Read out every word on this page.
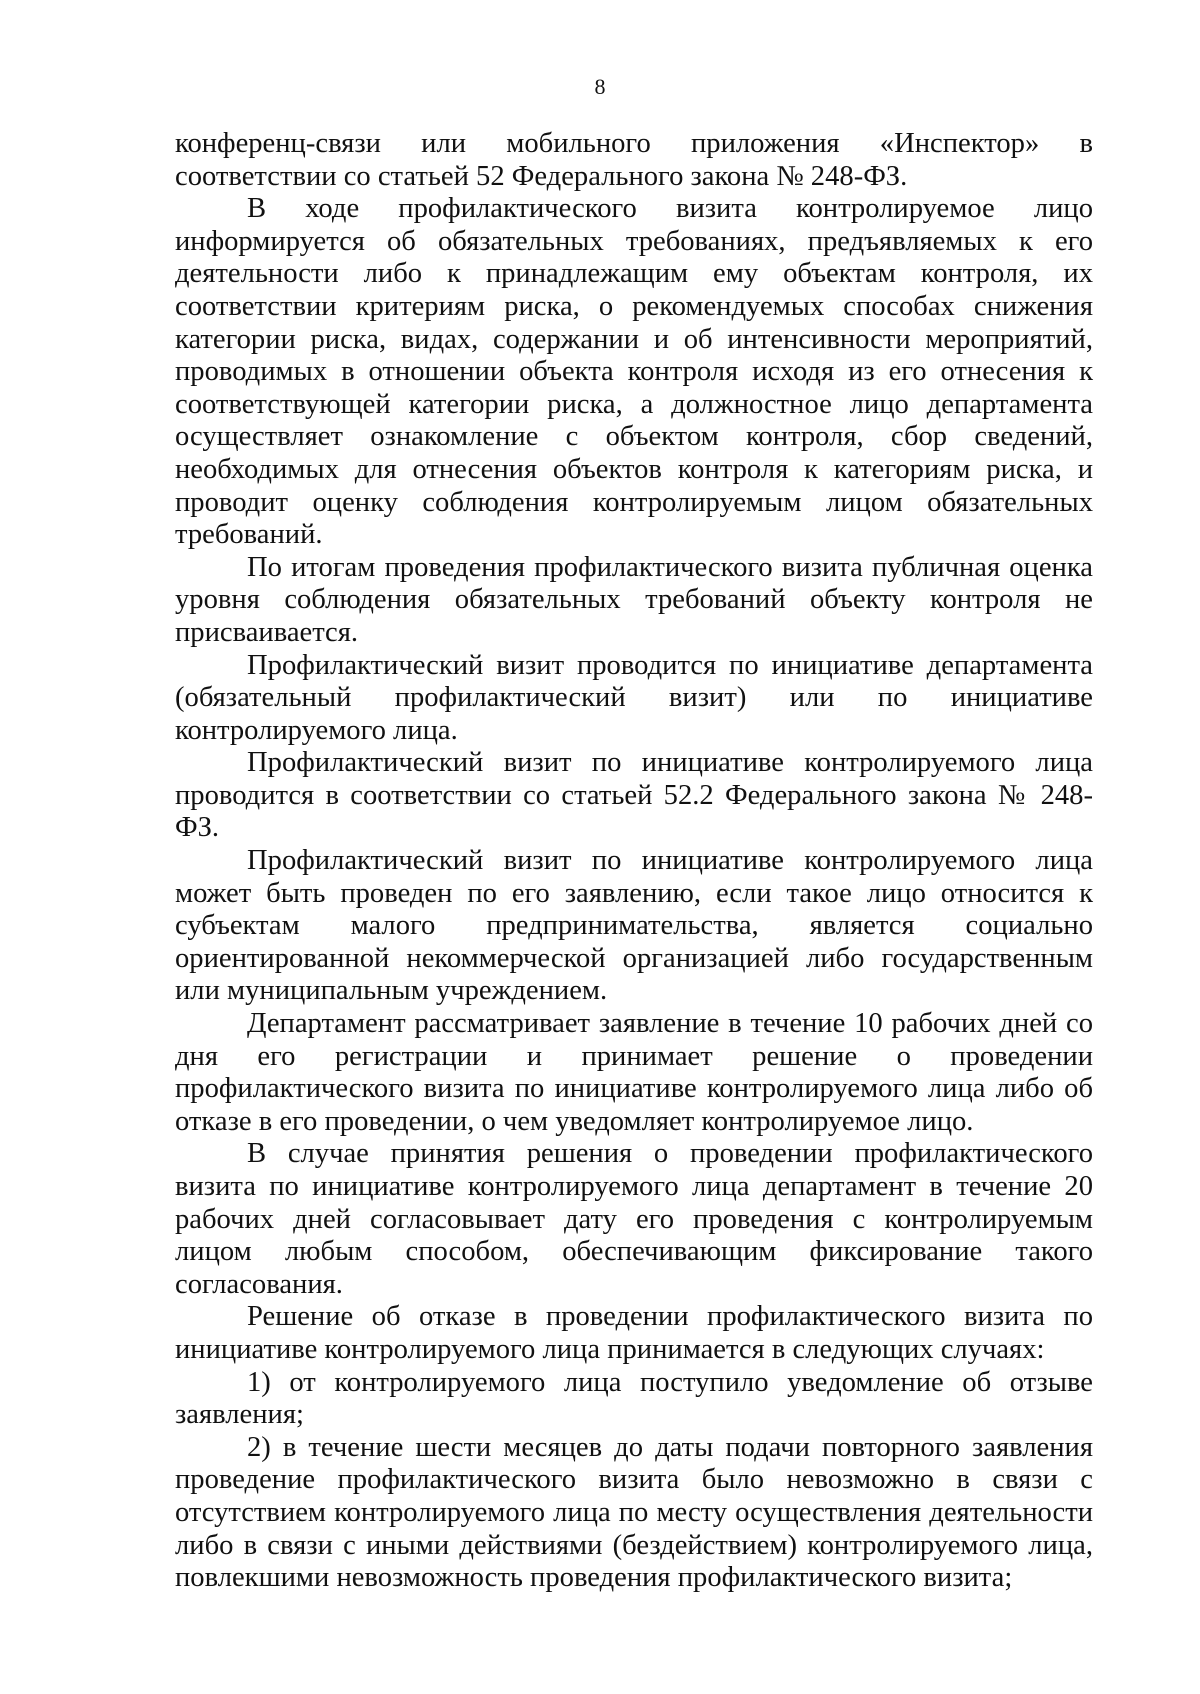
8

конференц-связи или мобильного приложения «Инспектор» в соответствии со статьей 52 Федерального закона № 248-ФЗ.

В ходе профилактического визита контролируемое лицо информируется об обязательных требованиях, предъявляемых к его деятельности либо к принадлежащим ему объектам контроля, их соответствии критериям риска, о рекомендуемых способах снижения категории риска, видах, содержании и об интенсивности мероприятий, проводимых в отношении объекта контроля исходя из его отнесения к соответствующей категории риска, а должностное лицо департамента осуществляет ознакомление с объектом контроля, сбор сведений, необходимых для отнесения объектов контроля к категориям риска, и проводит оценку соблюдения контролируемым лицом обязательных требований.

По итогам проведения профилактического визита публичная оценка уровня соблюдения обязательных требований объекту контроля не присваивается.

Профилактический визит проводится по инициативе департамента (обязательный профилактический визит) или по инициативе контролируемого лица.

Профилактический визит по инициативе контролируемого лица проводится в соответствии со статьей 52.2 Федерального закона № 248-ФЗ.

Профилактический визит по инициативе контролируемого лица может быть проведен по его заявлению, если такое лицо относится к субъектам малого предпринимательства, является социально ориентированной некоммерческой организацией либо государственным или муниципальным учреждением.

Департамент рассматривает заявление в течение 10 рабочих дней со дня его регистрации и принимает решение о проведении профилактического визита по инициативе контролируемого лица либо об отказе в его проведении, о чем уведомляет контролируемое лицо.

В случае принятия решения о проведении профилактического визита по инициативе контролируемого лица департамент в течение 20 рабочих дней согласовывает дату его проведения с контролируемым лицом любым способом, обеспечивающим фиксирование такого согласования.

Решение об отказе в проведении профилактического визита по инициативе контролируемого лица принимается в следующих случаях:

1) от контролируемого лица поступило уведомление об отзыве заявления;

2) в течение шести месяцев до даты подачи повторного заявления проведение профилактического визита было невозможно в связи с отсутствием контролируемого лица по месту осуществления деятельности либо в связи с иными действиями (бездействием) контролируемого лица, повлекшими невозможность проведения профилактического визита;
